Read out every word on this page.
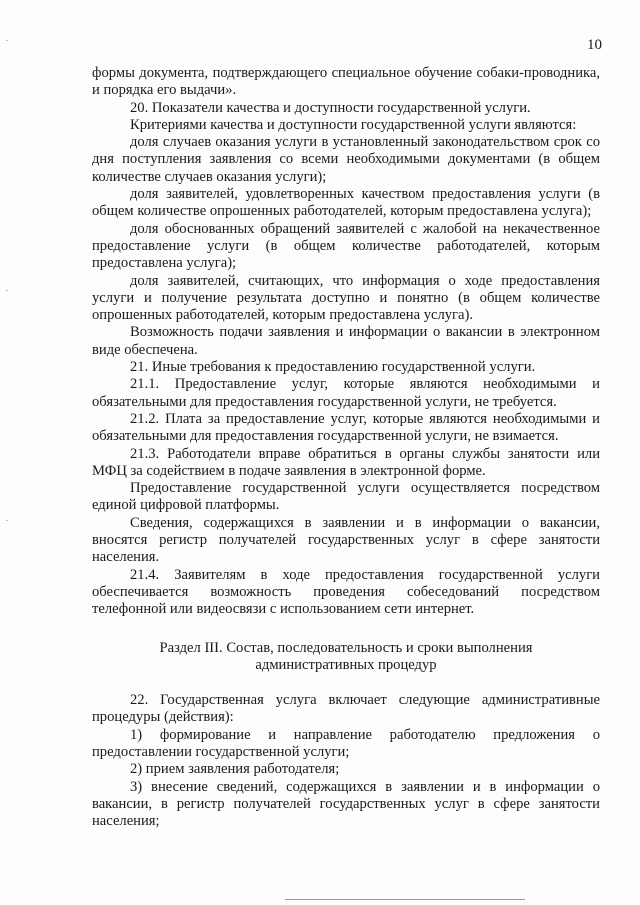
10

формы документа, подтверждающего специальное обучение собаки-проводника, и порядка его выдачи».

20. Показатели качества и доступности государственной услуги.

Критериями качества и доступности государственной услуги являются:

доля случаев оказания услуги в установленный законодательством срок со дня поступления заявления со всеми необходимыми документами (в общем количестве случаев оказания услуги);

доля заявителей, удовлетворенных качеством предоставления услуги (в общем количестве опрошенных работодателей, которым предоставлена услуга);

доля обоснованных обращений заявителей с жалобой на некачественное предоставление услуги (в общем количестве работодателей, которым предоставлена услуга);

доля заявителей, считающих, что информация о ходе предоставления услуги и получение результата доступно и понятно (в общем количестве опрошенных работодателей, которым предоставлена услуга).

Возможность подачи заявления и информации о вакансии в электронном виде обеспечена.

21. Иные требования к предоставлению государственной услуги.

21.1. Предоставление услуг, которые являются необходимыми и обязательными для предоставления государственной услуги, не требуется.

21.2. Плата за предоставление услуг, которые являются необходимыми и обязательными для предоставления государственной услуги, не взимается.

21.3. Работодатели вправе обратиться в органы службы занятости или МФЦ за содействием в подаче заявления в электронной форме.

Предоставление государственной услуги осуществляется посредством единой цифровой платформы.

Сведения, содержащихся в заявлении и в информации о вакансии, вносятся регистр получателей государственных услуг в сфере занятости населения.

21.4. Заявителям в ходе предоставления государственной услуги обеспечивается возможность проведения собеседований посредством телефонной или видеосвязи с использованием сети интернет.

Раздел III. Состав, последовательность и сроки выполнения
административных процедур

22. Государственная услуга включает следующие административные процедуры (действия):

1) формирование и направление работодателю предложения о предоставлении государственной услуги;

2) прием заявления работодателя;

3) внесение сведений, содержащихся в заявлении и в информации о вакансии, в регистр получателей государственных услуг в сфере занятости населения;
